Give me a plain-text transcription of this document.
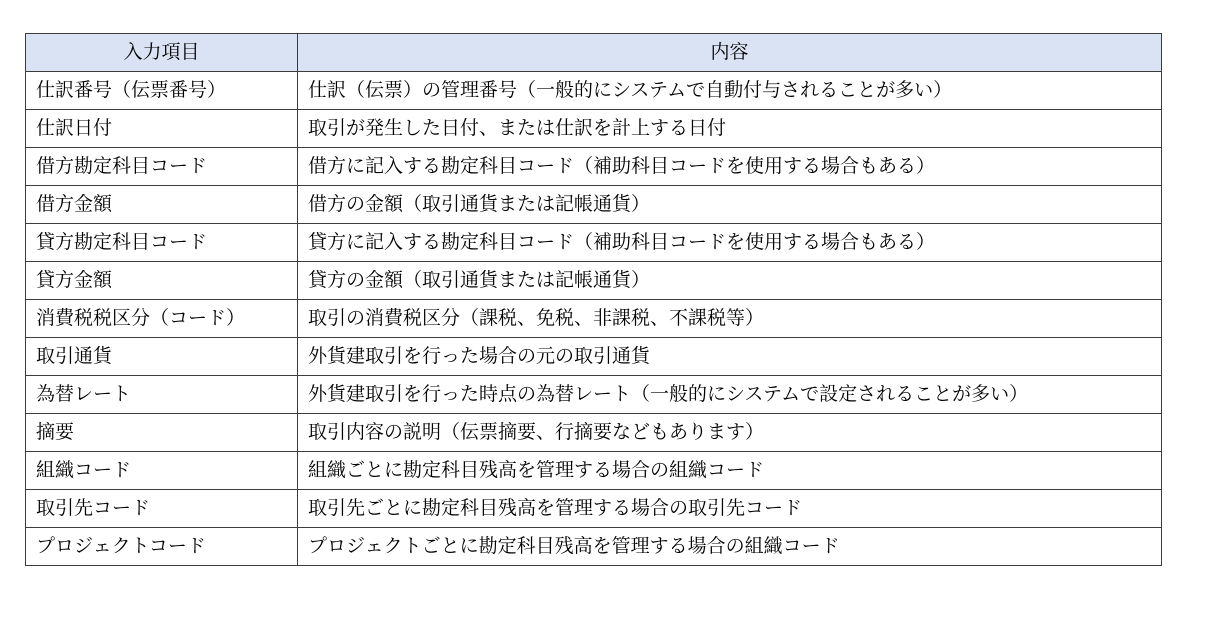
入力項目	内容
仕訳番号（伝票番号）	仕訳（伝票）の管理番号（一般的にシステムで自動付与されることが多い）
仕訳日付	取引が発生した日付、または仕訳を計上する日付
借方勘定科目コード	借方に記入する勘定科目コード（補助科目コードを使用する場合もある）
借方金額	借方の金額（取引通貨または記帳通貨）
貸方勘定科目コード	貸方に記入する勘定科目コード（補助科目コードを使用する場合もある）
貸方金額	貸方の金額（取引通貨または記帳通貨）
消費税税区分（コード）	取引の消費税区分（課税、免税、非課税、不課税等）
取引通貨	外貨建取引を行った場合の元の取引通貨
為替レート	外貨建取引を行った時点の為替レート（一般的にシステムで設定されることが多い）
摘要	取引内容の説明（伝票摘要、行摘要などもあります）
組織コード	組織ごとに勘定科目残高を管理する場合の組織コード
取引先コード	取引先ごとに勘定科目残高を管理する場合の取引先コード
プロジェクトコード	プロジェクトごとに勘定科目残高を管理する場合の組織コード
